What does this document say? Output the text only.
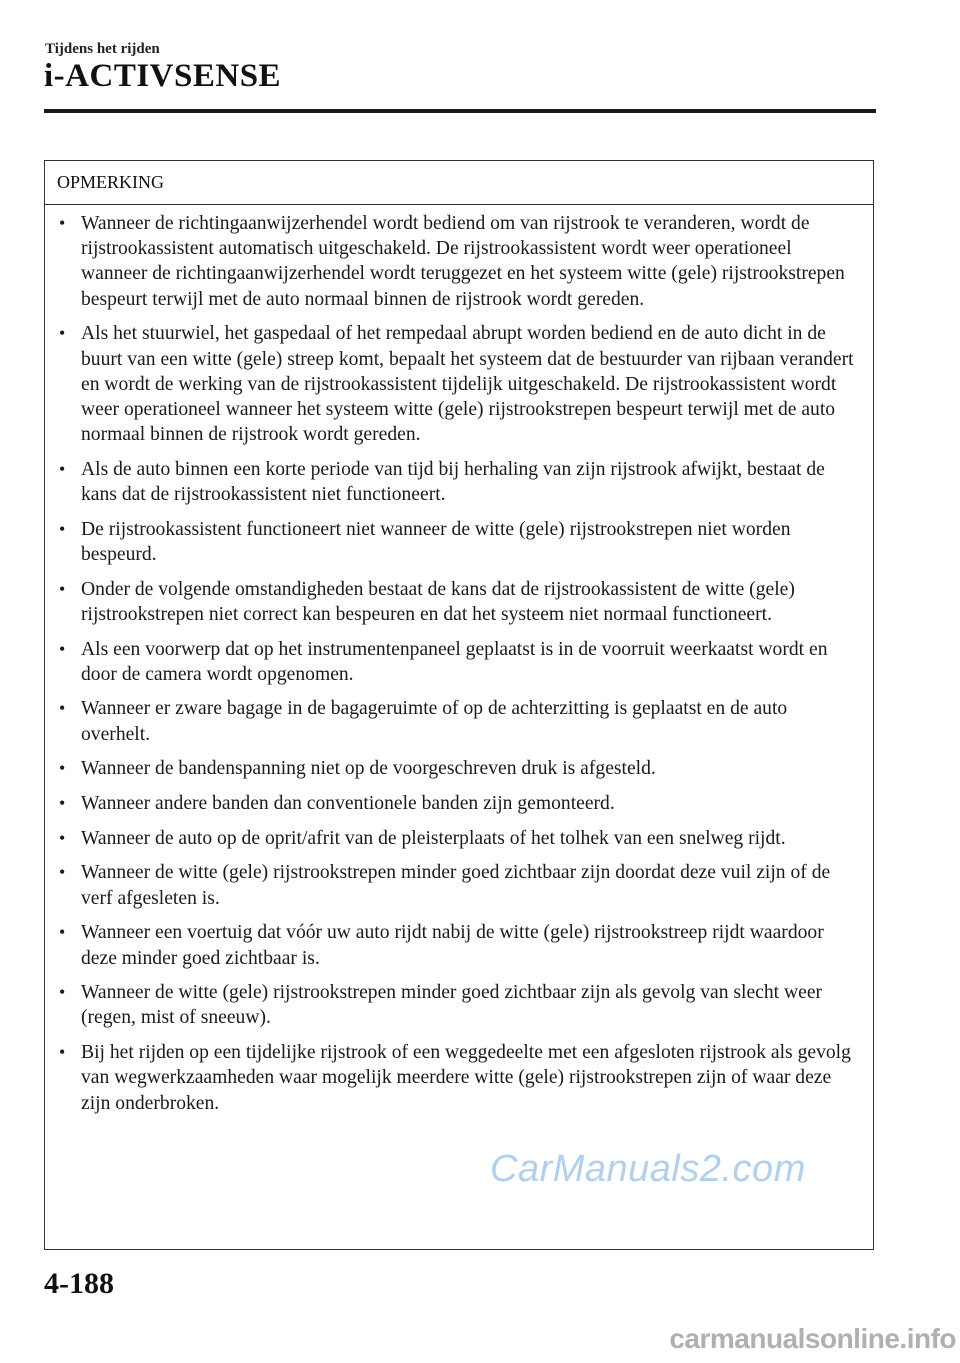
Tijdens het rijden
i-ACTIVSENSE
OPMERKING
• Wanneer de richtingaanwijzerhendel wordt bediend om van rijstrook te veranderen, wordt de rijstrookassistent automatisch uitgeschakeld. De rijstrookassistent wordt weer operationeel wanneer de richtingaanwijzerhendel wordt teruggezet en het systeem witte (gele) rijstrookstrepen bespeurt terwijl met de auto normaal binnen de rijstrook wordt gereden.
• Als het stuurwiel, het gaspedaal of het rempedaal abrupt worden bediend en de auto dicht in de buurt van een witte (gele) streep komt, bepaalt het systeem dat de bestuurder van rijbaan verandert en wordt de werking van de rijstrookassistent tijdelijk uitgeschakeld. De rijstrookassistent wordt weer operationeel wanneer het systeem witte (gele) rijstrookstrepen bespeurt terwijl met de auto normaal binnen de rijstrook wordt gereden.
• Als de auto binnen een korte periode van tijd bij herhaling van zijn rijstrook afwijkt, bestaat de kans dat de rijstrookassistent niet functioneert.
• De rijstrookassistent functioneert niet wanneer de witte (gele) rijstrookstrepen niet worden bespeurd.
• Onder de volgende omstandigheden bestaat de kans dat de rijstrookassistent de witte (gele) rijstrookstrepen niet correct kan bespeuren en dat het systeem niet normaal functioneert.
• Als een voorwerp dat op het instrumentenpaneel geplaatst is in de voorruit weerkaatst wordt en door de camera wordt opgenomen.
• Wanneer er zware bagage in de bagageruimte of op de achterzitting is geplaatst en de auto overhelt.
• Wanneer de bandenspanning niet op de voorgeschreven druk is afgesteld.
• Wanneer andere banden dan conventionele banden zijn gemonteerd.
• Wanneer de auto op de oprit/afrit van de pleisterplaats of het tolhek van een snelweg rijdt.
• Wanneer de witte (gele) rijstrookstrepen minder goed zichtbaar zijn doordat deze vuil zijn of de verf afgesleten is.
• Wanneer een voertuig dat vóór uw auto rijdt nabij de witte (gele) rijstrookstreep rijdt waardoor deze minder goed zichtbaar is.
• Wanneer de witte (gele) rijstrookstrepen minder goed zichtbaar zijn als gevolg van slecht weer (regen, mist of sneeuw).
• Bij het rijden op een tijdelijke rijstrook of een weggedeelte met een afgesloten rijstrook als gevolg van wegwerkzaamheden waar mogelijk meerdere witte (gele) rijstrookstrepen zijn of waar deze zijn onderbroken.
CarManuals2.com
4-188
carmanualsonline.info
